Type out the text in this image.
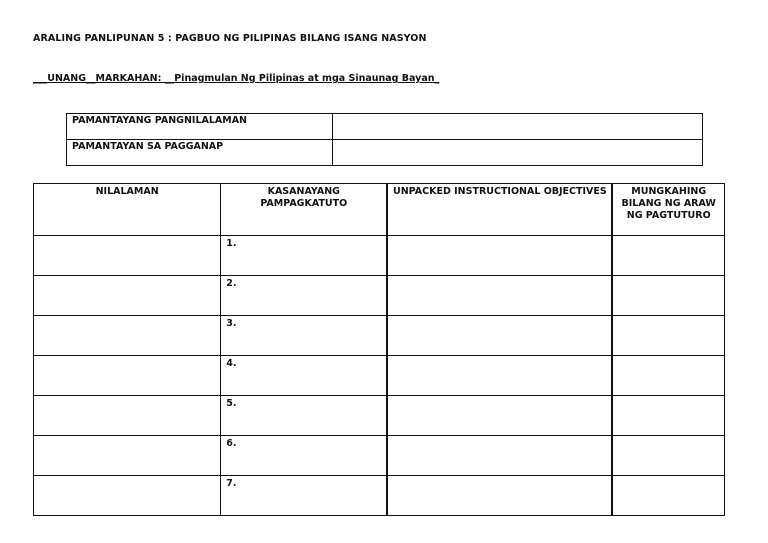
ARALING PANLIPUNAN 5 : PAGBUO NG PILIPINAS BILANG ISANG NASYON
___UNANG__MARKAHAN: __Pinagmulan Ng Pilipinas at mga Sinaunag Bayan_
PAMANTAYANG PANGNILALAMAN	
PAMANTAYAN SA PAGGANAP	
NILALAMAN	KASANAYANG PAMPAGKATUTO	UNPACKED INSTRUCTIONAL OBJECTIVES	MUNGKAHING BILANG NG ARAW NG PAGTUTURO
	1.		
	2.		
	3.		
	4.		
	5.		
	6.		
	7.		
